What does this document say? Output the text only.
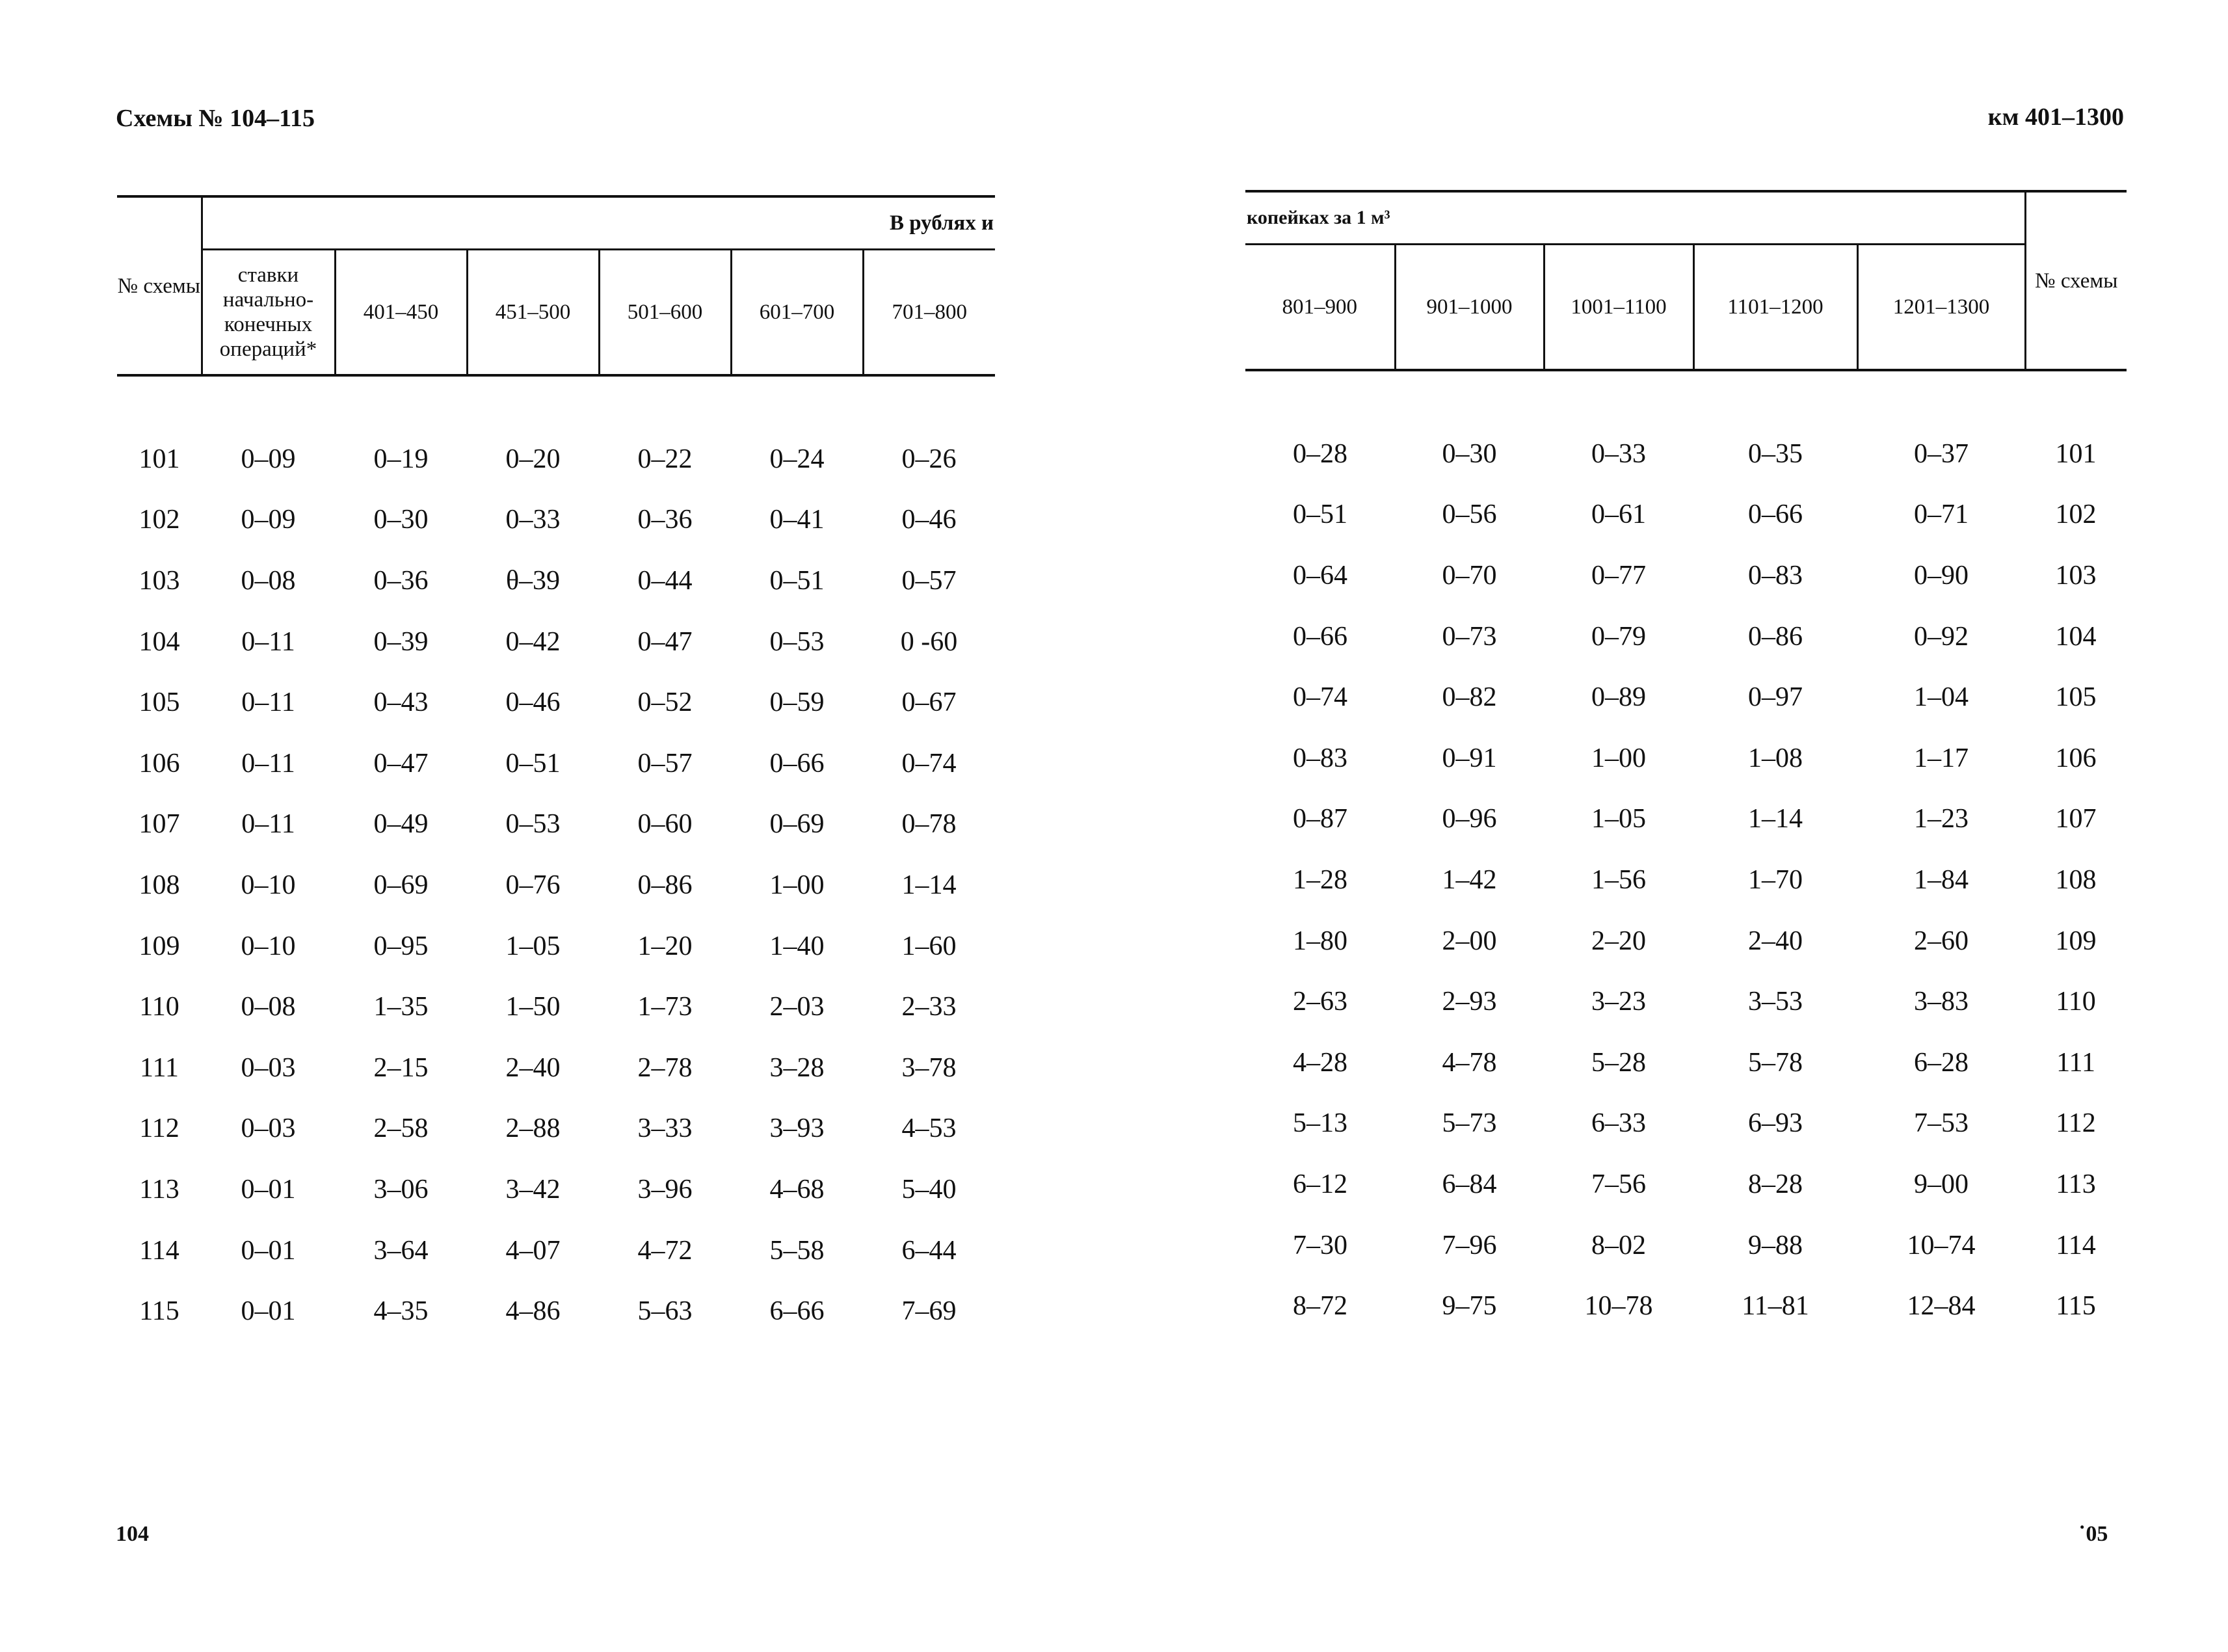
Схемы № 104–115	км 401–1300
№ схемы	В рублях и					
	ставки начально-конечных операций*	401–450	451–500	501–600	601–700	701–800

101	0–09	0–19	0–20	0–22	0–24	0–26
102	0–09	0–30	0–33	0–36	0–41	0–46
103	0–08	0–36	θ–39	0–44	0–51	0–57
104	0–11	0–39	0–42	0–47	0–53	0 -60
105	0–11	0–43	0–46	0–52	0–59	0–67
106	0–11	0–47	0–51	0–57	0–66	0–74
107	0–11	0–49	0–53	0–60	0–69	0–78
108	0–10	0–69	0–76	0–86	1–00	1–14
109	0–10	0–95	1–05	1–20	1–40	1–60
110	0–08	1–35	1–50	1–73	2–03	2–33
111	0–03	2–15	2–40	2–78	3–28	3–78
112	0–03	2–58	2–88	3–33	3–93	4–53
113	0–01	3–06	3–42	3–96	4–68	5–40
114	0–01	3–64	4–07	4–72	5–58	6–44
115	0–01	4–35	4–86	5–63	6–66	7–69
копейках за 1 м³					№ схемы
801–900	901–1000	1001–1100	1101–1200	1201–1300	

0–28	0–30	0–33	0–35	0–37	101
0–51	0–56	0–61	0–66	0–71	102
0–64	0–70	0–77	0–83	0–90	103
0–66	0–73	0–79	0–86	0–92	104
0–74	0–82	0–89	0–97	1–04	105
0–83	0–91	1–00	1–08	1–17	106
0–87	0–96	1–05	1–14	1–23	107
1–28	1–42	1–56	1–70	1–84	108
1–80	2–00	2–20	2–40	2–60	109
2–63	2–93	3–23	3–53	3–83	110
4–28	4–78	5–28	5–78	6–28	111
5–13	5–73	6–33	6–93	7–53	112
6–12	6–84	7–56	8–28	9–00	113
7–30	7–96	8–02	9–88	10–74	114
8–72	9–75	10–78	11–81	12–84	115
104	˙05
